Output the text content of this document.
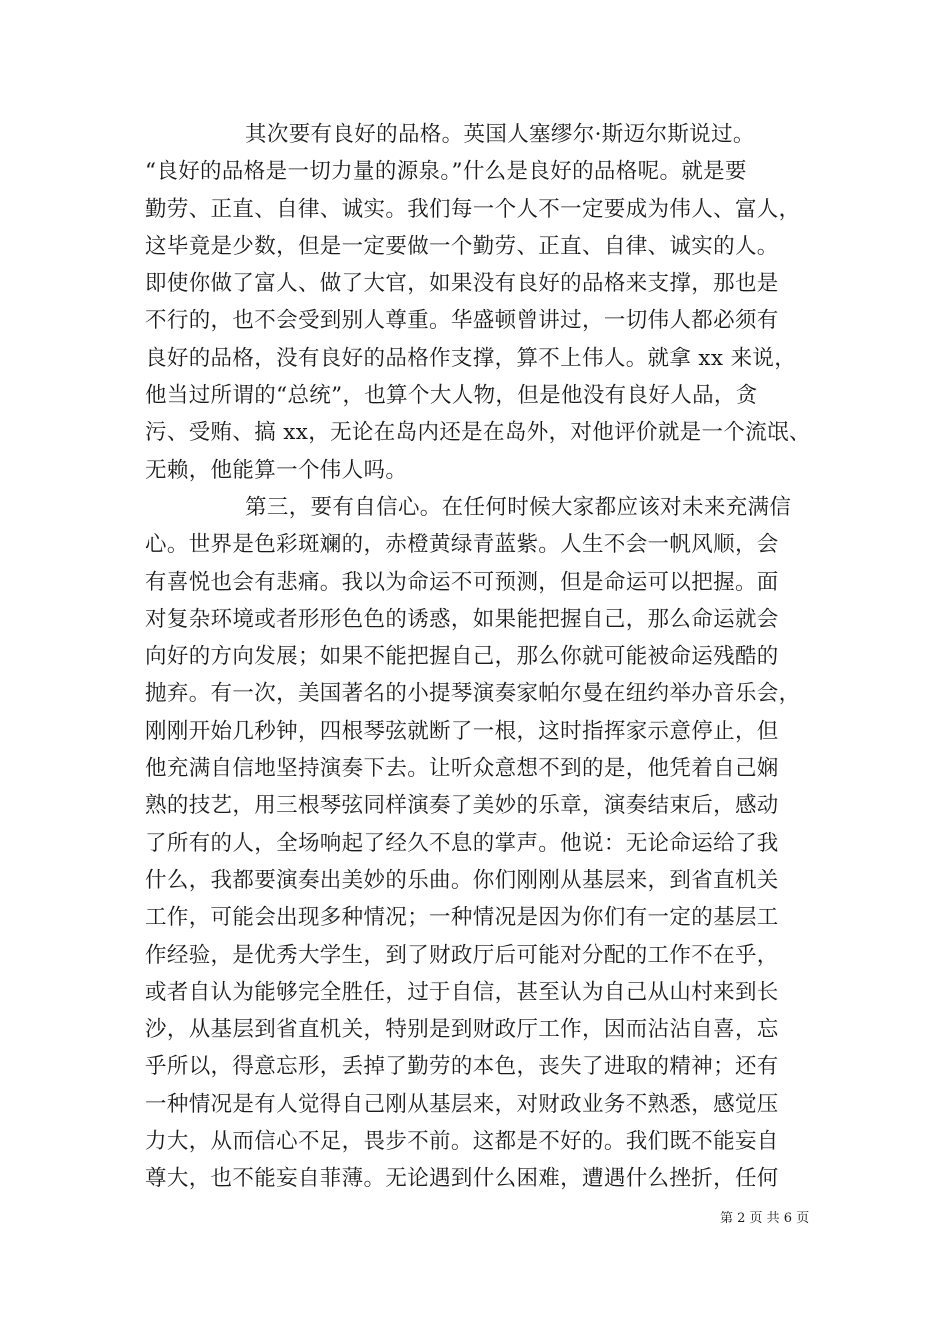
其次要有良好的品格。英国人塞缪尔·斯迈尔斯说过。
“良好的品格是一切力量的源泉。”什么是良好的品格呢。就是要
勤劳、正直、自律、诚实。我们每一个人不一定要成为伟人、富人，
这毕竟是少数，但是一定要做一个勤劳、正直、自律、诚实的人。
即使你做了富人、做了大官，如果没有良好的品格来支撑，那也是
不行的，也不会受到别人尊重。华盛顿曾讲过，一切伟人都必须有
良好的品格，没有良好的品格作支撑，算不上伟人。就拿 xx 来说，
他当过所谓的“总统”，也算个大人物，但是他没有良好人品，贪
污、受贿、搞 xx，无论在岛内还是在岛外，对他评价就是一个流氓、
无赖，他能算一个伟人吗。
第三，要有自信心。在任何时候大家都应该对未来充满信
心。世界是色彩斑斓的，赤橙黄绿青蓝紫。人生不会一帆风顺，会
有喜悦也会有悲痛。我以为命运不可预测，但是命运可以把握。面
对复杂环境或者形形色色的诱惑，如果能把握自己，那么命运就会
向好的方向发展；如果不能把握自己，那么你就可能被命运残酷的
抛弃。有一次，美国著名的小提琴演奏家帕尔曼在纽约举办音乐会，
刚刚开始几秒钟，四根琴弦就断了一根，这时指挥家示意停止，但
他充满自信地坚持演奏下去。让听众意想不到的是，他凭着自己娴
熟的技艺，用三根琴弦同样演奏了美妙的乐章，演奏结束后，感动
了所有的人，全场响起了经久不息的掌声。他说：无论命运给了我
什么，我都要演奏出美妙的乐曲。你们刚刚从基层来，到省直机关
工作，可能会出现多种情况；一种情况是因为你们有一定的基层工
作经验，是优秀大学生，到了财政厅后可能对分配的工作不在乎，
或者自认为能够完全胜任，过于自信，甚至认为自己从山村来到长
沙，从基层到省直机关，特别是到财政厅工作，因而沾沾自喜，忘
乎所以，得意忘形，丢掉了勤劳的本色，丧失了进取的精神；还有
一种情况是有人觉得自己刚从基层来，对财政业务不熟悉，感觉压
力大，从而信心不足，畏步不前。这都是不好的。我们既不能妄自
尊大，也不能妄自菲薄。无论遇到什么困难，遭遇什么挫折，任何
第 2 页 共 6 页
